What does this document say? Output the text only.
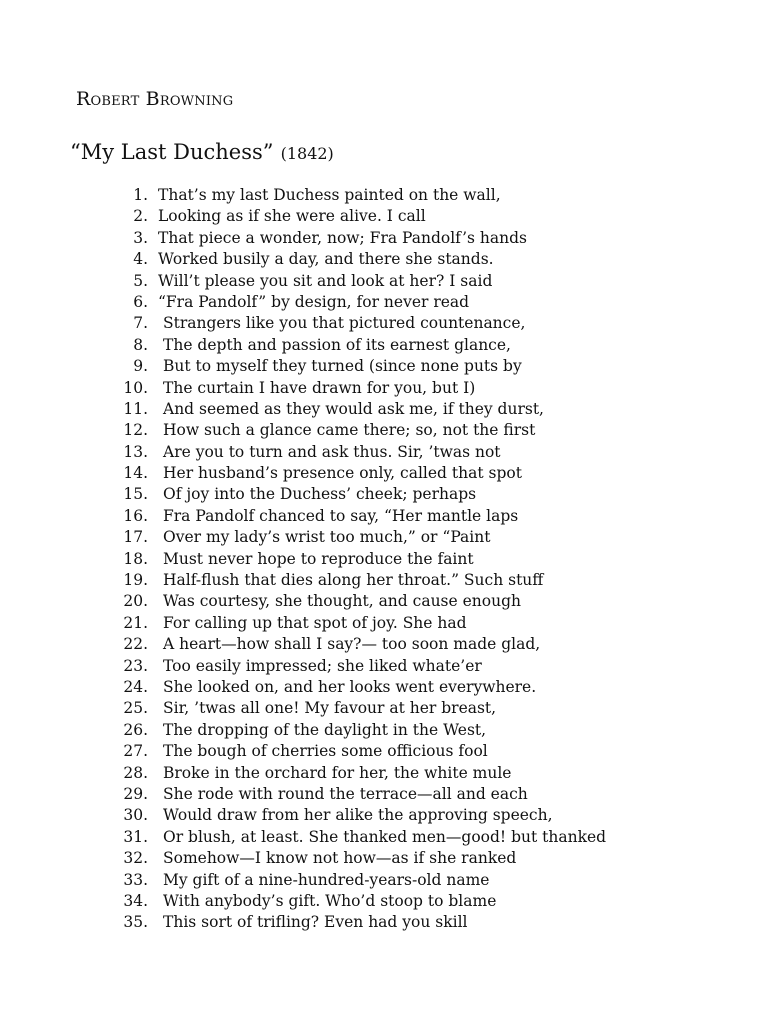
Robert Browning
“My Last Duchess” (1842)
1. That’s my last Duchess painted on the wall,
2. Looking as if she were alive. I call
3. That piece a wonder, now; Fra Pandolf’s hands
4. Worked busily a day, and there she stands.
5. Will’t please you sit and look at her? I said
6. “Fra Pandolf” by design, for never read
7. Strangers like you that pictured countenance,
8. The depth and passion of its earnest glance,
9. But to myself they turned (since none puts by
10. The curtain I have drawn for you, but I)
11. And seemed as they would ask me, if they durst,
12. How such a glance came there; so, not the first
13. Are you to turn and ask thus. Sir, ’twas not
14. Her husband’s presence only, called that spot
15. Of joy into the Duchess’ cheek; perhaps
16. Fra Pandolf chanced to say, “Her mantle laps
17. Over my lady’s wrist too much,” or “Paint
18. Must never hope to reproduce the faint
19. Half-flush that dies along her throat.” Such stuff
20. Was courtesy, she thought, and cause enough
21. For calling up that spot of joy. She had
22. A heart—how shall I say?— too soon made glad,
23. Too easily impressed; she liked whate’er
24. She looked on, and her looks went everywhere.
25. Sir, ’twas all one! My favour at her breast,
26. The dropping of the daylight in the West,
27. The bough of cherries some officious fool
28. Broke in the orchard for her, the white mule
29. She rode with round the terrace—all and each
30. Would draw from her alike the approving speech,
31. Or blush, at least. She thanked men—good! but thanked
32. Somehow—I know not how—as if she ranked
33. My gift of a nine-hundred-years-old name
34. With anybody’s gift. Who’d stoop to blame
35. This sort of trifling? Even had you skill
